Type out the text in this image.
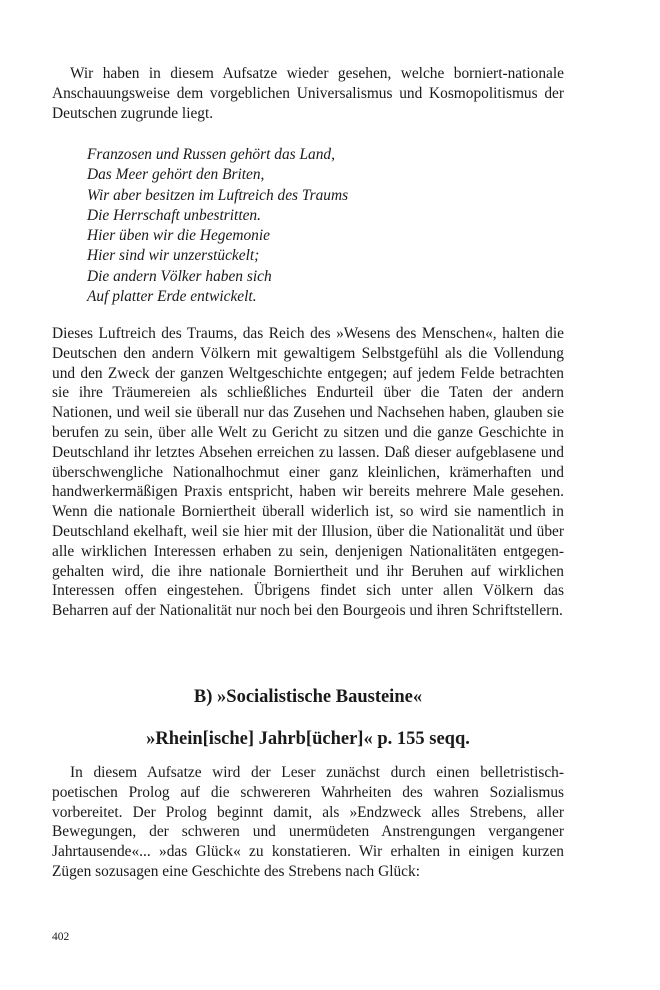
Wir haben in diesem Aufsatze wieder gesehen, welche borniert-nationale Anschauungsweise dem vorgeblichen Universalismus und Kosmopolitismus der Deutschen zugrunde liegt.

Franzosen und Russen gehört das Land,
Das Meer gehört den Briten,
Wir aber besitzen im Luftreich des Traums
Die Herrschaft unbestritten.
Hier üben wir die Hegemonie
Hier sind wir unzerstückelt;
Die andern Völker haben sich
Auf platter Erde entwickelt.

Dieses Luftreich des Traums, das Reich des »Wesens des Menschen«, halten die Deutschen den andern Völkern mit gewaltigem Selbstgefühl als die Vollendung und den Zweck der ganzen Weltgeschichte entgegen; auf jedem Felde betrachten sie ihre Träumereien als schließliches Endurteil über die Taten der andern Nationen, und weil sie überall nur das Zusehen und Nachsehen haben, glauben sie berufen zu sein, über alle Welt zu Gericht zu sitzen und die ganze Geschichte in Deutschland ihr letztes Absehen erreichen zu lassen. Daß dieser aufgeblasene und überschwengliche Nationalhochmut einer ganz kleinlichen, krämerhaften und handwerkermäßigen Praxis entspricht, haben wir bereits mehrere Male gesehen. Wenn die nationale Borniertheit überall widerlich ist, so wird sie namentlich in Deutschland ekelhaft, weil sie hier mit der Illusion, über die Nationalität und über alle wirklichen Interessen erhaben zu sein, denjenigen Nationalitäten entgegengehalten wird, die ihre nationale Borniertheit und ihr Beruhen auf wirklichen Interessen offen eingestehen. Übrigens findet sich unter allen Völkern das Beharren auf der Nationalität nur noch bei den Bourgeois und ihren Schriftstellern.

B) »Socialistische Bausteine«
»Rhein[ische] Jahrb[ücher]« p. 155 seqq.

In diesem Aufsatze wird der Leser zunächst durch einen belletristisch-poetischen Prolog auf die schwereren Wahrheiten des wahren Sozialismus vorbereitet. Der Prolog beginnt damit, als »Endzweck alles Strebens, aller Bewegungen, der schweren und unermüdeten Anstrengungen vergangener Jahrtausende«... »das Glück« zu konstatieren. Wir erhalten in einigen kurzen Zügen sozusagen eine Geschichte des Strebens nach Glück:

402
